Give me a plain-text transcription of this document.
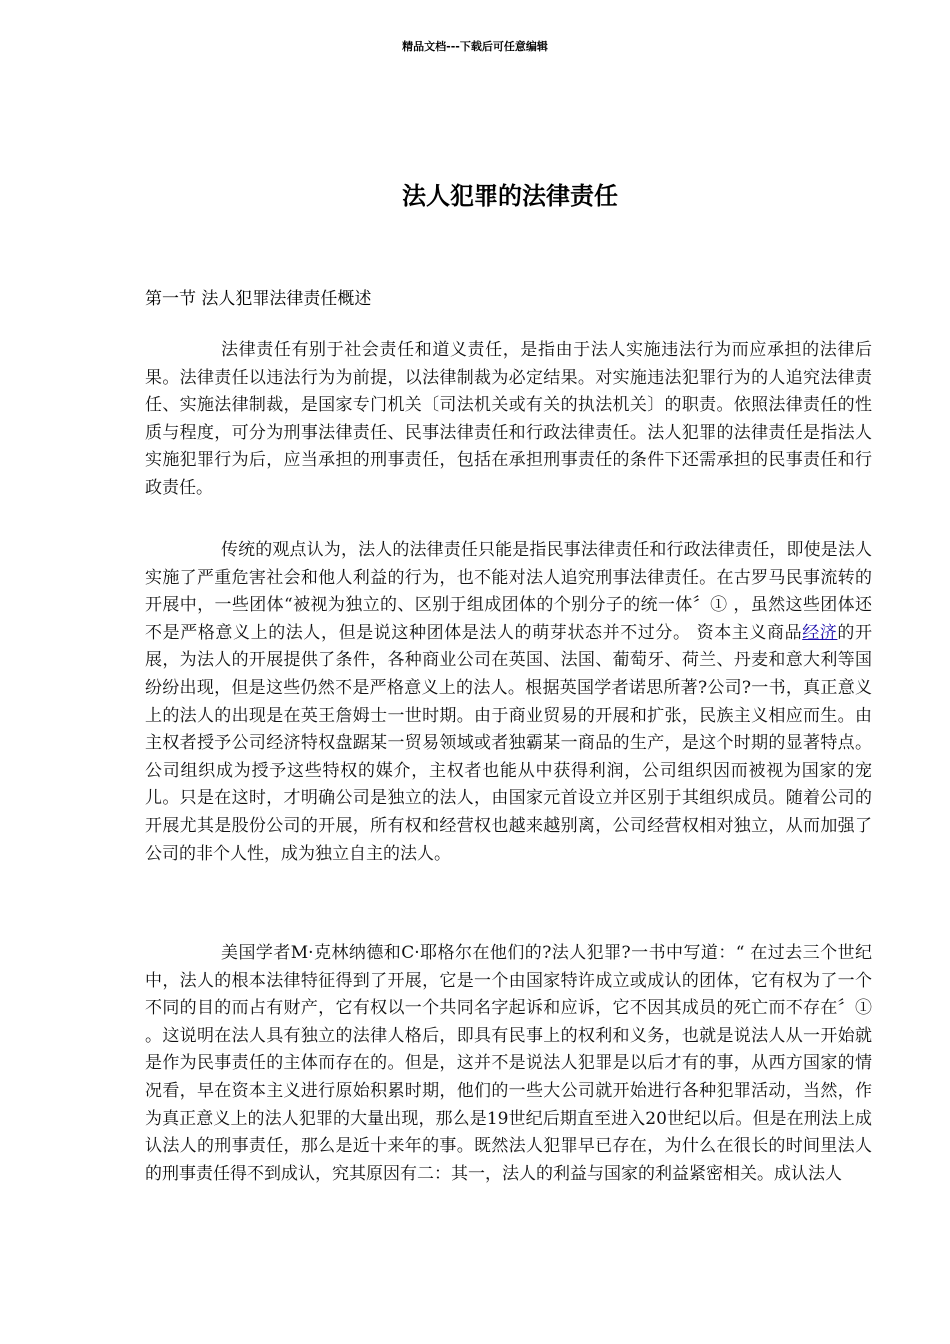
精品文档---下载后可任意编辑
法人犯罪的法律责任
第一节 法人犯罪法律责任概述

法律责任有别于社会责任和道义责任，是指由于法人实施违法行为而应承担的法律后果。法律责任以违法行为为前提，以法律制裁为必定结果。对实施违法犯罪行为的人追究法律责任、实施法律制裁，是国家专门机关〔司法机关或有关的执法机关〕的职责。依照法律责任的性质与程度，可分为刑事法律责任、民事法律责任和行政法律责任。法人犯罪的法律责任是指法人实施犯罪行为后，应当承担的刑事责任，包括在承担刑事责任的条件下还需承担的民事责任和行政责任。

传统的观点认为，法人的法律责任只能是指民事法律责任和行政法律责任，即使是法人实施了严重危害社会和他人利益的行为，也不能对法人追究刑事法律责任。在古罗马民事流转的开展中，一些团体“被视为独立的、区别于组成团体的个别分子的统一体〞① ，虽然这些团体还不是严格意义上的法人，但是说这种团体是法人的萌芽状态并不过分。 资本主义商品经济的开展，为法人的开展提供了条件，各种商业公司在英国、法国、葡萄牙、荷兰、丹麦和意大利等国纷纷出现，但是这些仍然不是严格意义上的法人。根据英国学者诺思所著?公司?一书，真正意义上的法人的出现是在英王詹姆士一世时期。由于商业贸易的开展和扩张，民族主义相应而生。由主权者授予公司经济特权盘踞某一贸易领域或者独霸某一商品的生产，是这个时期的显著特点。公司组织成为授予这些特权的媒介，主权者也能从中获得利润，公司组织因而被视为国家的宠儿。只是在这时，才明确公司是独立的法人，由国家元首设立并区别于其组织成员。随着公司的开展尤其是股份公司的开展，所有权和经营权也越来越别离，公司经营权相对独立，从而加强了公司的非个人性，成为独立自主的法人。

美国学者M·克林纳德和C·耶格尔在他们的?法人犯罪?一书中写道：“ 在过去三个世纪中，法人的根本法律特征得到了开展，它是一个由国家特许成立或成认的团体，它有权为了一个不同的目的而占有财产，它有权以一个共同名字起诉和应诉，它不因其成员的死亡而不存在〞① 。这说明在法人具有独立的法律人格后，即具有民事上的权利和义务，也就是说法人从一开始就是作为民事责任的主体而存在的。但是，这并不是说法人犯罪是以后才有的事，从西方国家的情况看，早在资本主义进行原始积累时期，他们的一些大公司就开始进行各种犯罪活动，当然，作为真正意义上的法人犯罪的大量出现，那么是19世纪后期直至进入20世纪以后。但是在刑法上成认法人的刑事责任，那么是近十来年的事。既然法人犯罪早已存在，为什么在很长的时间里法人的刑事责任得不到成认，究其原因有二：其一，法人的利益与国家的利益紧密相关。成认法人
